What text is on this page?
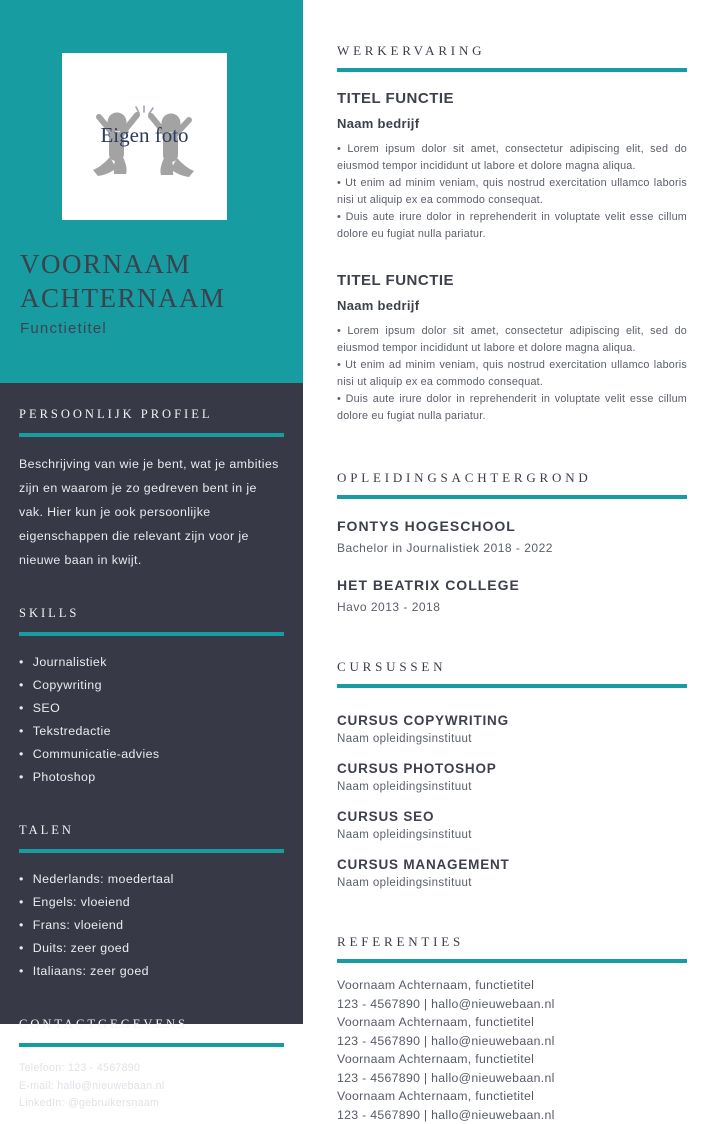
Eigen foto
VOORNAAM
ACHTERNAAM
Functietitel
PERSOONLIJK PROFIEL

Beschrijving van wie je bent, wat je ambities zijn en waarom je zo gedreven bent in je vak. Hier kun je ook persoonlijke eigenschappen die relevant zijn voor je nieuwe baan in kwijt.

SKILLS
• Journalistiek
• Copywriting
• SEO
• Tekstredactie
• Communicatie-advies
• Photoshop
TALEN
• Nederlands: moedertaal
• Engels: vloeiend
• Frans: vloeiend
• Duits: zeer goed
• Italiaans: zeer goed
CONTACTGEGEVENS
Telefoon: 123 - 4567890
E-mail: hallo@nieuwebaan.nl
LinkedIn: @gebruikersnaam
WERKERVARING
TITEL FUNCTIE
Naam bedrijf

• Lorem ipsum dolor sit amet, consectetur adipiscing elit, sed do eiusmod tempor incididunt ut labore et dolore magna aliqua.

• Ut enim ad minim veniam, quis nostrud exercitation ullamco laboris nisi ut aliquip ex ea commodo consequat.

• Duis aute irure dolor in reprehenderit in voluptate velit esse cillum dolore eu fugiat nulla pariatur.

TITEL FUNCTIE
Naam bedrijf

• Lorem ipsum dolor sit amet, consectetur adipiscing elit, sed do eiusmod tempor incididunt ut labore et dolore magna aliqua.

• Ut enim ad minim veniam, quis nostrud exercitation ullamco laboris nisi ut aliquip ex ea commodo consequat.

• Duis aute irure dolor in reprehenderit in voluptate velit esse cillum dolore eu fugiat nulla pariatur.

OPLEIDINGSACHTERGROND
FONTYS HOGESCHOOL
Bachelor in Journalistiek 2018 - 2022
HET BEATRIX COLLEGE
Havo 2013 - 2018
CURSUSSEN
CURSUS COPYWRITING
Naam opleidingsinstituut
CURSUS PHOTOSHOP
Naam opleidingsinstituut
CURSUS SEO
Naam opleidingsinstituut
CURSUS MANAGEMENT
Naam opleidingsinstituut
REFERENTIES
Voornaam Achternaam, functietitel
123 - 4567890 | hallo@nieuwebaan.nl
Voornaam Achternaam, functietitel
123 - 4567890 | hallo@nieuwebaan.nl
Voornaam Achternaam, functietitel
123 - 4567890 | hallo@nieuwebaan.nl
Voornaam Achternaam, functietitel
123 - 4567890 | hallo@nieuwebaan.nl
